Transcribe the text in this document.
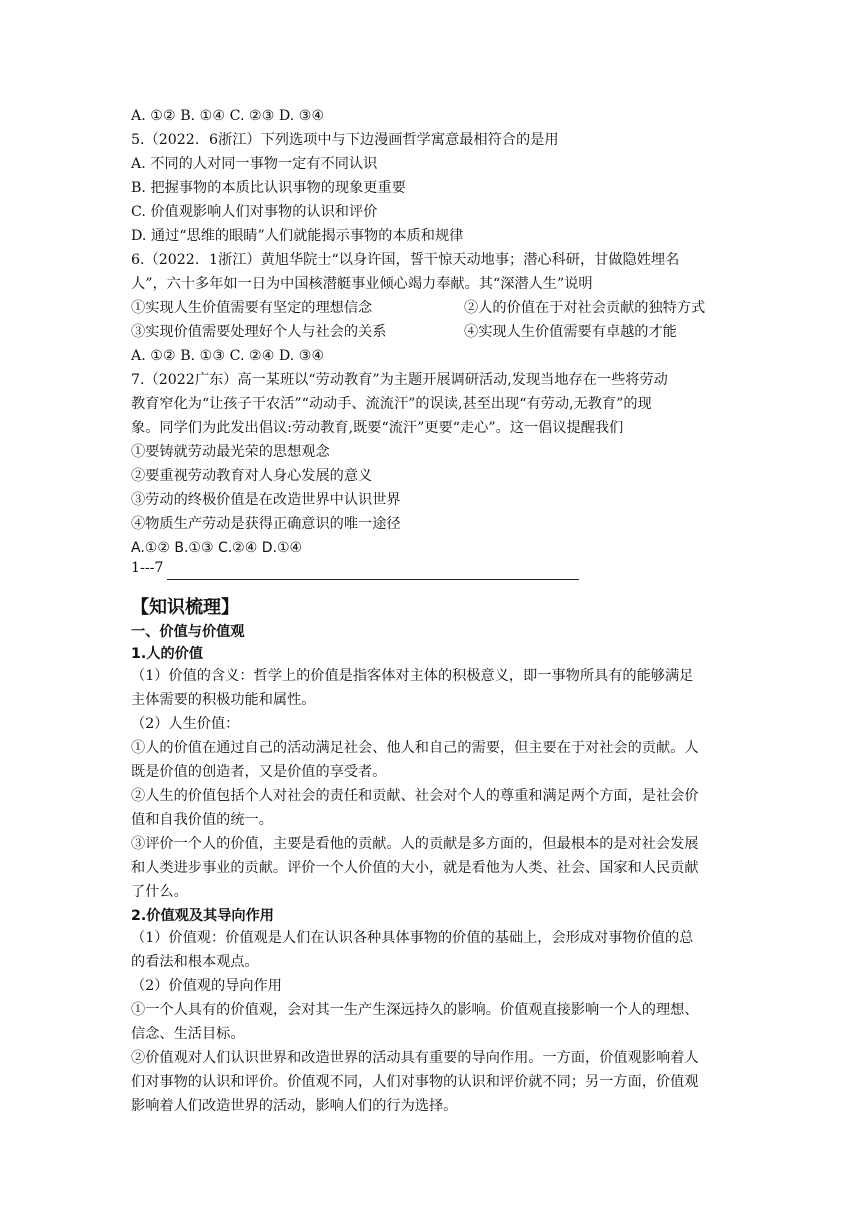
A. ①② B. ①④ C. ②③ D. ③④
5.（2022．6浙江）下列选项中与下边漫画哲学寓意最相符合的是用
A. 不同的人对同一事物一定有不同认识
B. 把握事物的本质比认识事物的现象更重要
C. 价值观影响人们对事物的认识和评价
D. 通过“思维的眼睛”人们就能揭示事物的本质和规律
6.（2022．1浙江）黄旭华院士“以身许国，誓干惊天动地事；潜心科研，甘做隐姓埋名
人”，六十多年如一日为中国核潜艇事业倾心竭力奉献。其“深潜人生”说明
①实现人生价值需要有坚定的理想信念	②人的价值在于对社会贡献的独特方式
③实现价值需要处理好个人与社会的关系	④实现人生价值需要有卓越的才能
A. ①② B. ①③ C. ②④ D. ③④
7.（2022广东）高一某班以“劳动教育”为主题开展调研活动,发现当地存在一些将劳动
教育窄化为“让孩子干农活”“动动手、流流汗”的误读,甚至出现“有劳动,无教育”的现
象。同学们为此发出倡议:劳动教育,既要“流汗”更要“走心”。这一倡议提醒我们
①要铸就劳动最光荣的思想观念
②要重视劳动教育对人身心发展的意义
③劳动的终极价值是在改造世界中认识世界
④物质生产劳动是获得正确意识的唯一途径
A.①② B.①③ C.②④ D.①④
1---7
【知识梳理】
一、价值与价值观
1.人的价值
（1）价值的含义：哲学上的价值是指客体对主体的积极意义，即一事物所具有的能够满足
主体需要的积极功能和属性。
（2）人生价值：
①人的价值在通过自己的活动满足社会、他人和自己的需要，但主要在于对社会的贡献。人
既是价值的创造者，又是价值的享受者。
②人生的价值包括个人对社会的责任和贡献、社会对个人的尊重和满足两个方面，是社会价
值和自我价值的统一。
③评价一个人的价值，主要是看他的贡献。人的贡献是多方面的，但最根本的是对社会发展
和人类进步事业的贡献。评价一个人价值的大小，就是看他为人类、社会、国家和人民贡献
了什么。
2.价值观及其导向作用
（1）价值观：价值观是人们在认识各种具体事物的价值的基础上，会形成对事物价值的总
的看法和根本观点。
（2）价值观的导向作用
①一个人具有的价值观，会对其一生产生深远持久的影响。价值观直接影响一个人的理想、
信念、生活目标。
②价值观对人们认识世界和改造世界的活动具有重要的导向作用。一方面，价值观影响着人
们对事物的认识和评价。价值观不同，人们对事物的认识和评价就不同；另一方面，价值观
影响着人们改造世界的活动，影响人们的行为选择。
